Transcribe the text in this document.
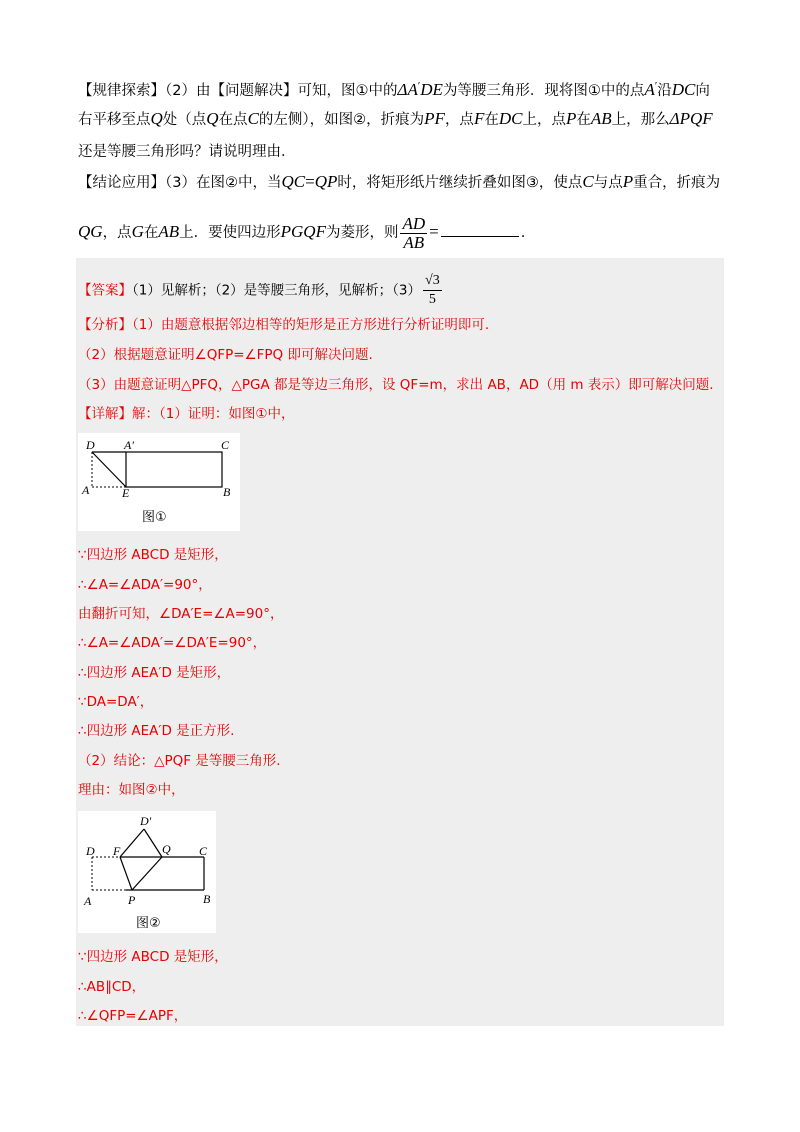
【规律探索】（2）由【问题解决】可知，图①中的ΔA′DE为等腰三角形．现将图①中的点A′沿DC向
右平移至点Q处（点Q在点C的左侧），如图②，折痕为PF，点F在DC上，点P在AB上，那么ΔPQF
还是等腰三角形吗？请说明理由．
【结论应用】（3）在图②中，当QC=QP时，将矩形纸片继续折叠如图③，使点C与点P重合，折痕为
QG，点G在AB上．要使四边形PGQF为菱形，则 $\frac{AD}{AB}$ =	.
【答案】（1）见解析；（2）是等腰三角形，见解析；$(3) \frac{√3}{5}$
【分析】（1）由题意根据邻边相等的矩形是正方形进行分析证明即可.
（2）根据题意证明∠QFP=∠FPQ 即可解决问题.
（3）由题意证明△PFQ，△PGA 都是等边三角形，设 QF=m，求出 AB，AD（用 m 表示）即可解决问题.
【详解】解：（1）证明：如图①中，
D A′	C
A	E	B
图①
∵四边形 ABCD 是矩形，
∴∠A=∠ADA′=90°，
由翻折可知，∠DA′E=∠A=90°，
∴∠A=∠ADA′=∠DA′E=90°，
∴四边形 AEA′D 是矩形，
∵DA=DA′，
∴四边形 AEA′D 是正方形.
（2）结论：△PQF 是等腰三角形.
理由：如图②中，
D′
D F	Q C
A	P	B
图②
∵四边形 ABCD 是矩形，
∴AB∥CD，
∴∠QFP=∠APF，
